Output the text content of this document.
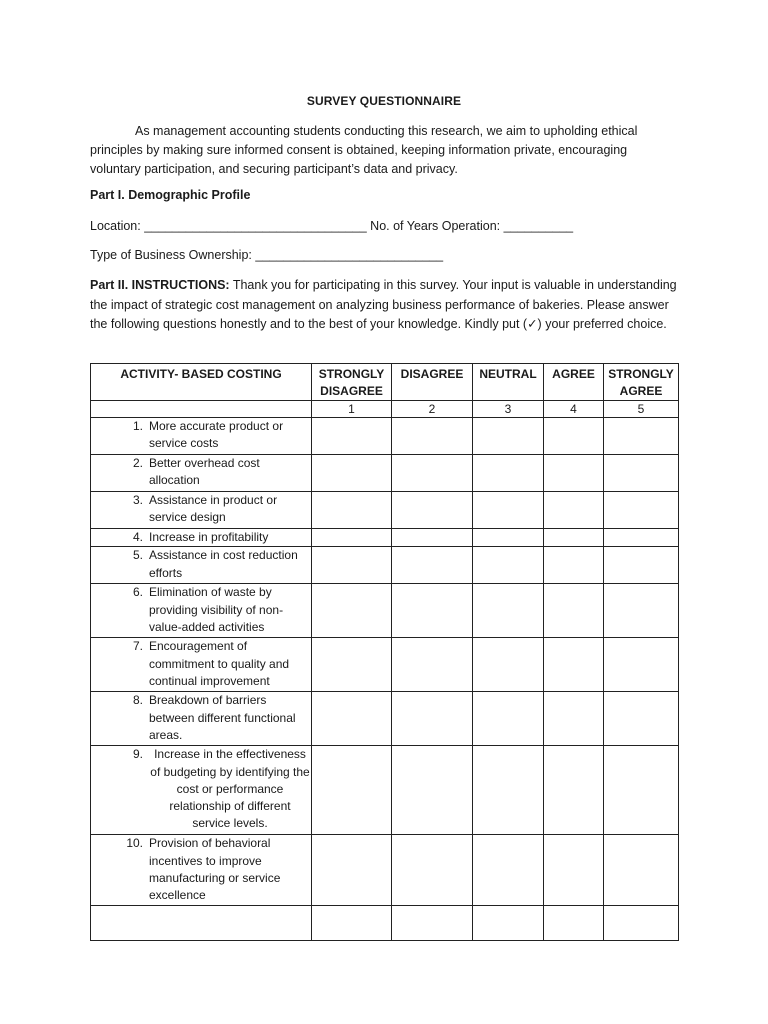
SURVEY QUESTIONNAIRE
As management accounting students conducting this research, we aim to upholding ethical principles by making sure informed consent is obtained, keeping information private, encouraging voluntary participation, and securing participant’s data and privacy.
Part I. Demographic Profile
Location: ________________________________ No. of Years Operation: __________
Type of Business Ownership: ___________________________
Part II. INSTRUCTIONS: Thank you for participating in this survey. Your input is valuable in understanding the impact of strategic cost management on analyzing business performance of bakeries. Please answer the following questions honestly and to the best of your knowledge. Kindly put (✓) your preferred choice.
ACTIVITY- BASED COSTING	STRONGLY DISAGREE	DISAGREE	NEUTRAL	AGREE	STRONGLY AGREE
	1	2	3	4	5

1. More accurate product or service costs					

2. Better overhead cost allocation					

3. Assistance in product or service design					

4. Increase in profitability					

5. Assistance in cost reduction efforts					

6. Elimination of waste by providing visibility of non-value-added activities					

7. Encouragement of commitment to quality and continual improvement					

8. Breakdown of barriers between different functional areas.					

9. Increase in the effectiveness of budgeting by identifying the cost or performance relationship of different service levels.					

10. Provision of behavioral incentives to improve manufacturing or service excellence					
